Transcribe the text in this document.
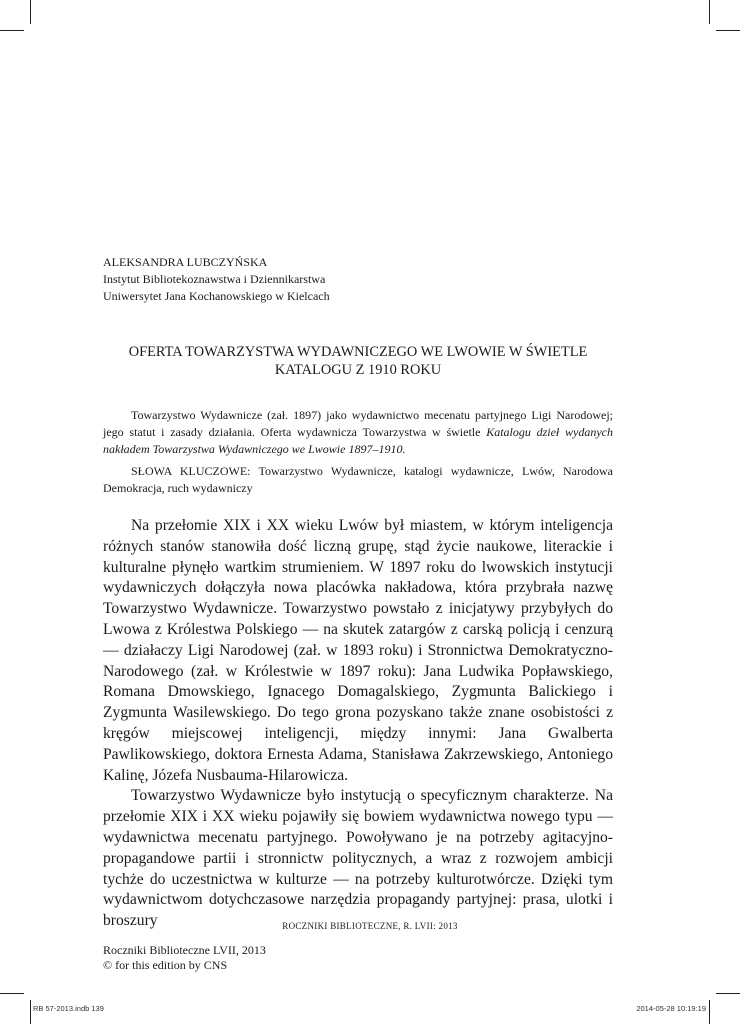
ALEKSANDRA LUBCZYŃSKA
Instytut Bibliotekoznawstwa i Dziennikarstwa
Uniwersytet Jana Kochanowskiego w Kielcach
OFERTA TOWARZYSTWA WYDAWNICZEGO WE LWOWIE W ŚWIETLE
KATALOGU Z 1910 ROKU

Towarzystwo Wydawnicze (zał. 1897) jako wydawnictwo mecenatu partyjnego Ligi Narodowej; jego statut i zasady działania. Oferta wydawnicza Towarzystwa w świetle Katalogu dzieł wydanych nakładem Towarzystwa Wydawniczego we Lwowie 1897–1910.

SŁOWA KLUCZOWE: Towarzystwo Wydawnicze, katalogi wydawnicze, Lwów, Narodowa Demokracja, ruch wydawniczy

Na przełomie XIX i XX wieku Lwów był miastem, w którym inteligencja różnych stanów stanowiła dość liczną grupę, stąd życie naukowe, literackie i kulturalne płynęło wartkim strumieniem. W 1897 roku do lwowskich instytucji wydawniczych dołączyła nowa placówka nakładowa, która przybrała nazwę Towarzystwo Wydawnicze. Towarzystwo powstało z inicjatywy przybyłych do Lwowa z Królestwa Polskiego — na skutek zatargów z carską policją i cenzurą — działaczy Ligi Narodowej (zał. w 1893 roku) i Stronnictwa Demokratyczno-Narodowego (zał. w Królestwie w 1897 roku): Jana Ludwika Popławskiego, Romana Dmowskiego, Ignacego Domagalskiego, Zygmunta Balickiego i Zygmunta Wasilewskiego. Do tego grona pozyskano także znane osobistości z kręgów miejscowej inteligencji, między innymi: Jana Gwalberta Pawlikowskiego, doktora Ernesta Adama, Stanisława Zakrzewskiego, Antoniego Kalinę, Józefa Nusbauma-Hilarowicza.

Towarzystwo Wydawnicze było instytucją o specyficznym charakterze. Na przełomie XIX i XX wieku pojawiły się bowiem wydawnictwa nowego typu — wydawnictwa mecenatu partyjnego. Powoływano je na potrzeby agitacyjno-propagandowe partii i stronnictw politycznych, a wraz z rozwojem ambicji tychże do uczestnictwa w kulturze — na potrzeby kulturotwórcze. Dzięki tym wydawnictwom dotychczasowe narzędzia propagandy partyjnej: prasa, ulotki i broszury	ROCZNIKI BIBLIOTECZNE, R. LVII: 2013
Roczniki Biblioteczne LVII, 2013
© for this edition by CNS
RB 57-2013.indb 139	2014-05-28 10:19:19
